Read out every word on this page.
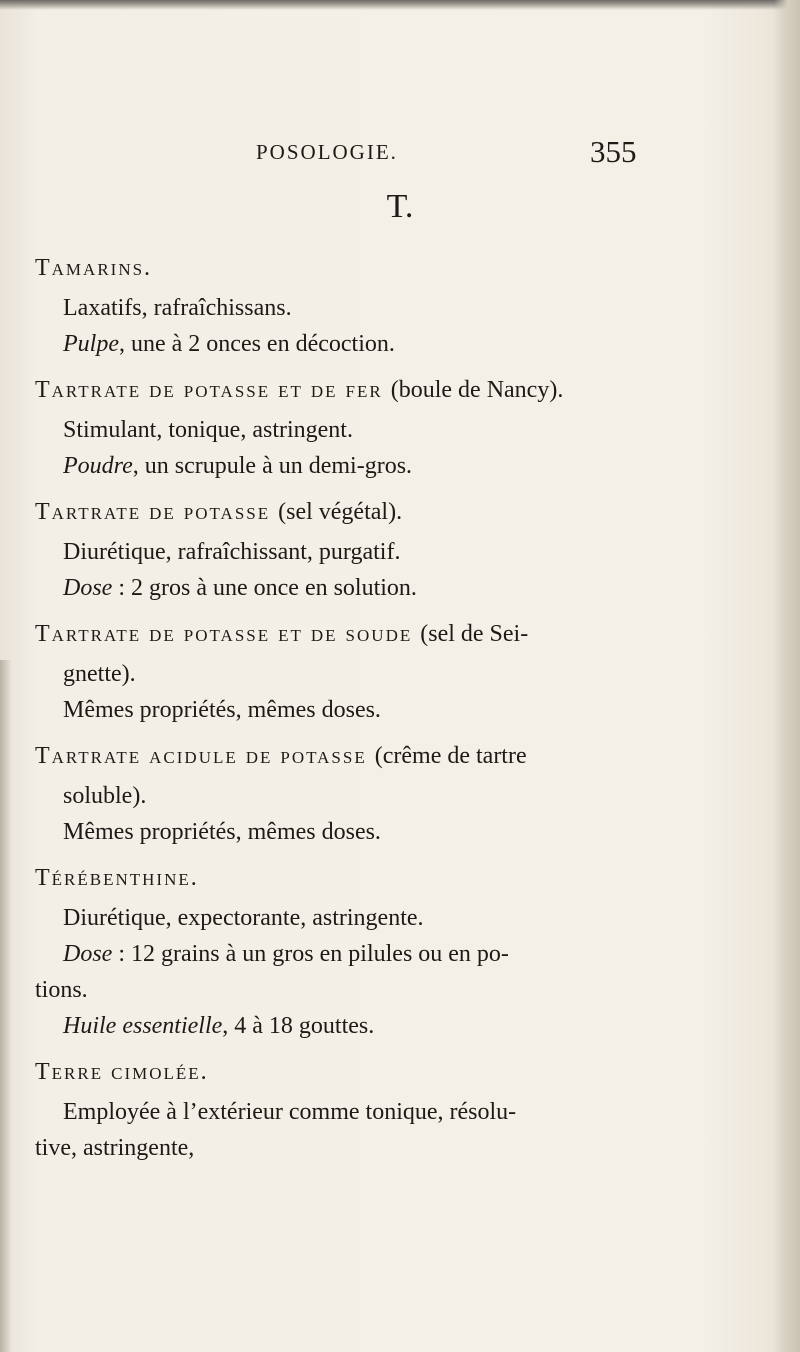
POSOLOGIE.	355
T.

Tamarins.

Laxatifs, rafraîchissans.

Pulpe, une à 2 onces en décoction.

Tartrate de potasse et de fer (boule de Nancy).

Stimulant, tonique, astringent.

Poudre, un scrupule à un demi-gros.

Tartrate de potasse (sel végétal).

Diurétique, rafraîchissant, purgatif.

Dose : 2 gros à une once en solution.

Tartrate de potasse et de soude (sel de Sei-

gnette).

Mêmes propriétés, mêmes doses.

Tartrate acidule de potasse (crême de tartre

soluble).

Mêmes propriétés, mêmes doses.

Térébenthine.

Diurétique, expectorante, astringente.

Dose : 12 grains à un gros en pilules ou en po-

tions.

Huile essentielle, 4 à 18 gouttes.

Terre cimolée.

Employée à l’extérieur comme tonique, résolu-

tive, astringente,
